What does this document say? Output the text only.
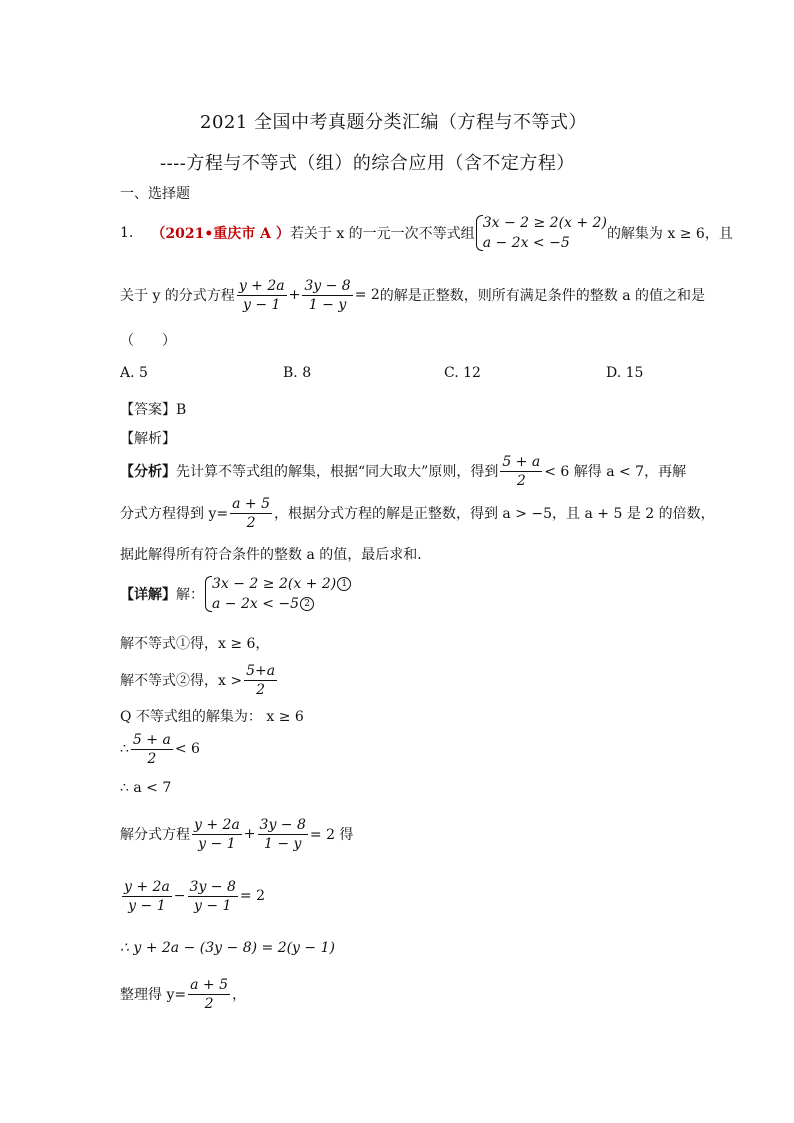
2021 全国中考真题分类汇编（方程与不等式）
----方程与不等式（组）的综合应用（含不定方程）
一、选择题
1. （2021•重庆市 A ） 若关于 x 的一元一次不等式组
3x − 2 ≥ 2(x + 2)
a − 2x < −5
的解集为 x ≥ 6，且
关于 y 的分式方程 $\frac{y + 2a}{y - 1} + \frac{3y - 8}{1 - y} = 2$ 的解是正整数，则所有满足条件的整数 a 的值之和是
（　　）
A. 5	B. 8	C. 12	D. 15
【答案】B
【解析】
【分析】 先计算不等式组的解集，根据“同大取大”原则，得到 $\frac{5 + a}{2} < 6$ 解得 a < 7，再解
分式方程得到 $y= \frac{a + 5}{2}$ ，根据分式方程的解是正整数，得到 a > −5，且 a + 5 是 2 的倍数，
据此解得所有符合条件的整数 a 的值，最后求和．
【详解】 解：
3x − 2 ≥ 2(x + 2) 1
a − 2x < −5 2
解不等式①得，x ≥ 6，
解不等式②得，$x > \frac{5+a}{2}$
Q 不等式组的解集为： x ≥ 6
∴ $\frac{5 + a}{2} < 6$
∴ a < 7
解分式方程 $\frac{y + 2a}{y - 1} + \frac{3y - 8}{1 - y} = 2$ 得
$\frac{y + 2a}{y - 1} - \frac{3y - 8}{y - 1} = 2$
∴ y + 2a − (3y − 8) = 2(y − 1)
整理得 $y= \frac{a + 5}{2}$ ，
